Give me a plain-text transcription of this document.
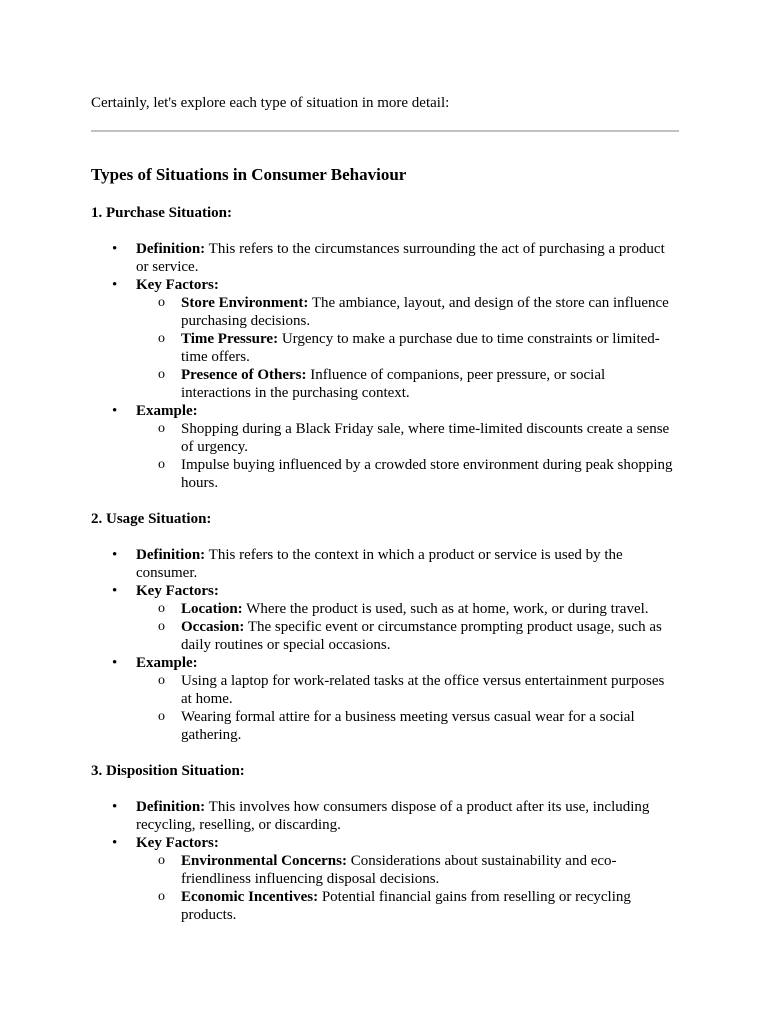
Certainly, let's explore each type of situation in more detail:

Types of Situations in Consumer Behaviour
1. Purchase Situation:
• Definition: This refers to the circumstances surrounding the act of purchasing a product or service.
• Key Factors:
o Store Environment: The ambiance, layout, and design of the store can influence purchasing decisions.
o Time Pressure: Urgency to make a purchase due to time constraints or limited-time offers.
o Presence of Others: Influence of companions, peer pressure, or social interactions in the purchasing context.
• Example:
o Shopping during a Black Friday sale, where time-limited discounts create a sense of urgency.
o Impulse buying influenced by a crowded store environment during peak shopping hours.
2. Usage Situation:
• Definition: This refers to the context in which a product or service is used by the consumer.
• Key Factors:
o Location: Where the product is used, such as at home, work, or during travel.
o Occasion: The specific event or circumstance prompting product usage, such as daily routines or special occasions.
• Example:
o Using a laptop for work-related tasks at the office versus entertainment purposes at home.
o Wearing formal attire for a business meeting versus casual wear for a social gathering.
3. Disposition Situation:
• Definition: This involves how consumers dispose of a product after its use, including recycling, reselling, or discarding.
• Key Factors:
o Environmental Concerns: Considerations about sustainability and eco-friendliness influencing disposal decisions.
o Economic Incentives: Potential financial gains from reselling or recycling products.
